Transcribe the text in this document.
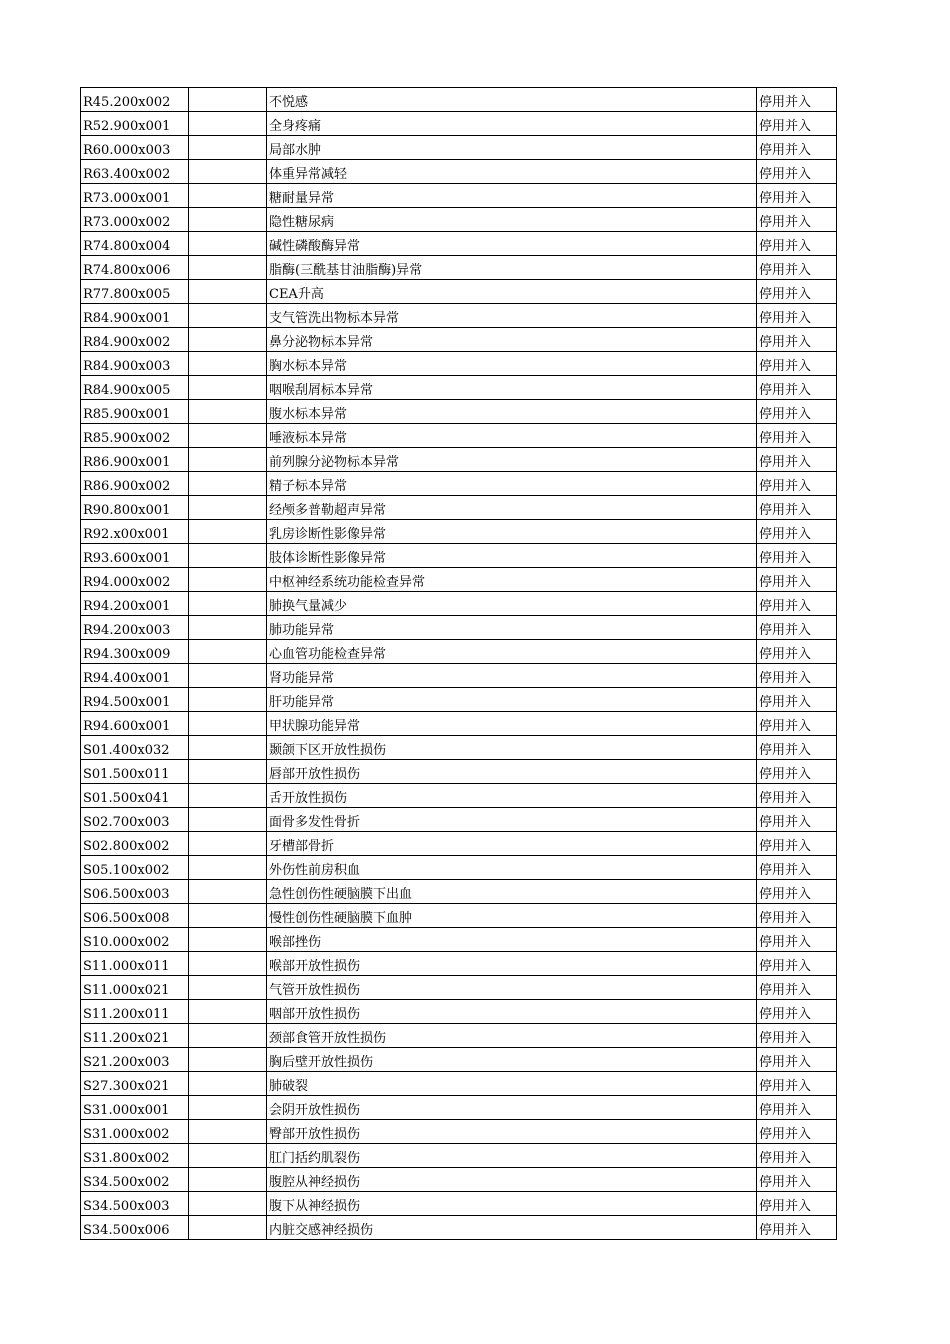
R45.200x002		不悦感	停用并入
R52.900x001		全身疼痛	停用并入
R60.000x003		局部水肿	停用并入
R63.400x002		体重异常减轻	停用并入
R73.000x001		糖耐量异常	停用并入
R73.000x002		隐性糖尿病	停用并入
R74.800x004		碱性磷酸酶异常	停用并入
R74.800x006		脂酶(三酰基甘油脂酶)异常	停用并入
R77.800x005		CEA升高	停用并入
R84.900x001		支气管洗出物标本异常	停用并入
R84.900x002		鼻分泌物标本异常	停用并入
R84.900x003		胸水标本异常	停用并入
R84.900x005		咽喉刮屑标本异常	停用并入
R85.900x001		腹水标本异常	停用并入
R85.900x002		唾液标本异常	停用并入
R86.900x001		前列腺分泌物标本异常	停用并入
R86.900x002		精子标本异常	停用并入
R90.800x001		经颅多普勒超声异常	停用并入
R92.x00x001		乳房诊断性影像异常	停用并入
R93.600x001		肢体诊断性影像异常	停用并入
R94.000x002		中枢神经系统功能检查异常	停用并入
R94.200x001		肺换气量减少	停用并入
R94.200x003		肺功能异常	停用并入
R94.300x009		心血管功能检查异常	停用并入
R94.400x001		肾功能异常	停用并入
R94.500x001		肝功能异常	停用并入
R94.600x001		甲状腺功能异常	停用并入
S01.400x032		颞颌下区开放性损伤	停用并入
S01.500x011		唇部开放性损伤	停用并入
S01.500x041		舌开放性损伤	停用并入
S02.700x003		面骨多发性骨折	停用并入
S02.800x002		牙槽部骨折	停用并入
S05.100x002		外伤性前房积血	停用并入
S06.500x003		急性创伤性硬脑膜下出血	停用并入
S06.500x008		慢性创伤性硬脑膜下血肿	停用并入
S10.000x002		喉部挫伤	停用并入
S11.000x011		喉部开放性损伤	停用并入
S11.000x021		气管开放性损伤	停用并入
S11.200x011		咽部开放性损伤	停用并入
S11.200x021		颈部食管开放性损伤	停用并入
S21.200x003		胸后壁开放性损伤	停用并入
S27.300x021		肺破裂	停用并入
S31.000x001		会阴开放性损伤	停用并入
S31.000x002		臀部开放性损伤	停用并入
S31.800x002		肛门括约肌裂伤	停用并入
S34.500x002		腹腔从神经损伤	停用并入
S34.500x003		腹下从神经损伤	停用并入
S34.500x006		内脏交感神经损伤	停用并入
